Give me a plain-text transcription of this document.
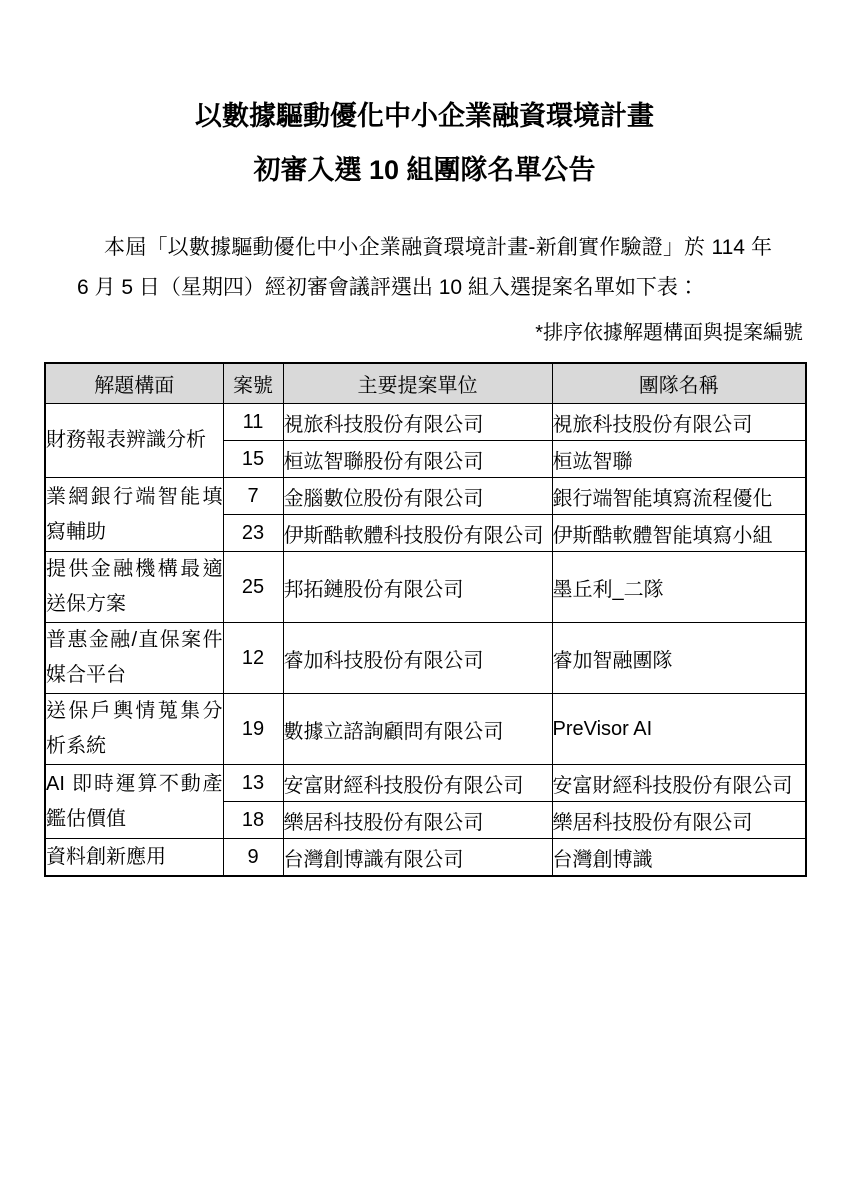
以數據驅動優化中小企業融資環境計畫
初審入選 10 組團隊名單公告

本屆「以數據驅動優化中小企業融資環境計畫-新創實作驗證」於 114 年 6 月 5 日（星期四）經初審會議評選出 10 組入選提案名單如下表：

*排序依據解題構面與提案編號

解題構面	案號	主要提案單位	團隊名稱
財務報表辨識分析	11	視旅科技股份有限公司	視旅科技股份有限公司
	15	桓竑智聯股份有限公司	桓竑智聯
業網銀行端智能填寫輔助	7	金腦數位股份有限公司	銀行端智能填寫流程優化
	23	伊斯酷軟體科技股份有限公司	伊斯酷軟體智能填寫小組
提供金融機構最適送保方案	25	邦拓鏈股份有限公司	墨丘利_二隊
普惠金融/直保案件媒合平台	12	睿加科技股份有限公司	睿加智融團隊
送保戶輿情蒐集分析系統	19	數據立諮詢顧問有限公司	PreVisor AI
AI 即時運算不動產鑑估價值	13	安富財經科技股份有限公司	安富財經科技股份有限公司
	18	樂居科技股份有限公司	樂居科技股份有限公司
資料創新應用	9	台灣創博識有限公司	台灣創博識
